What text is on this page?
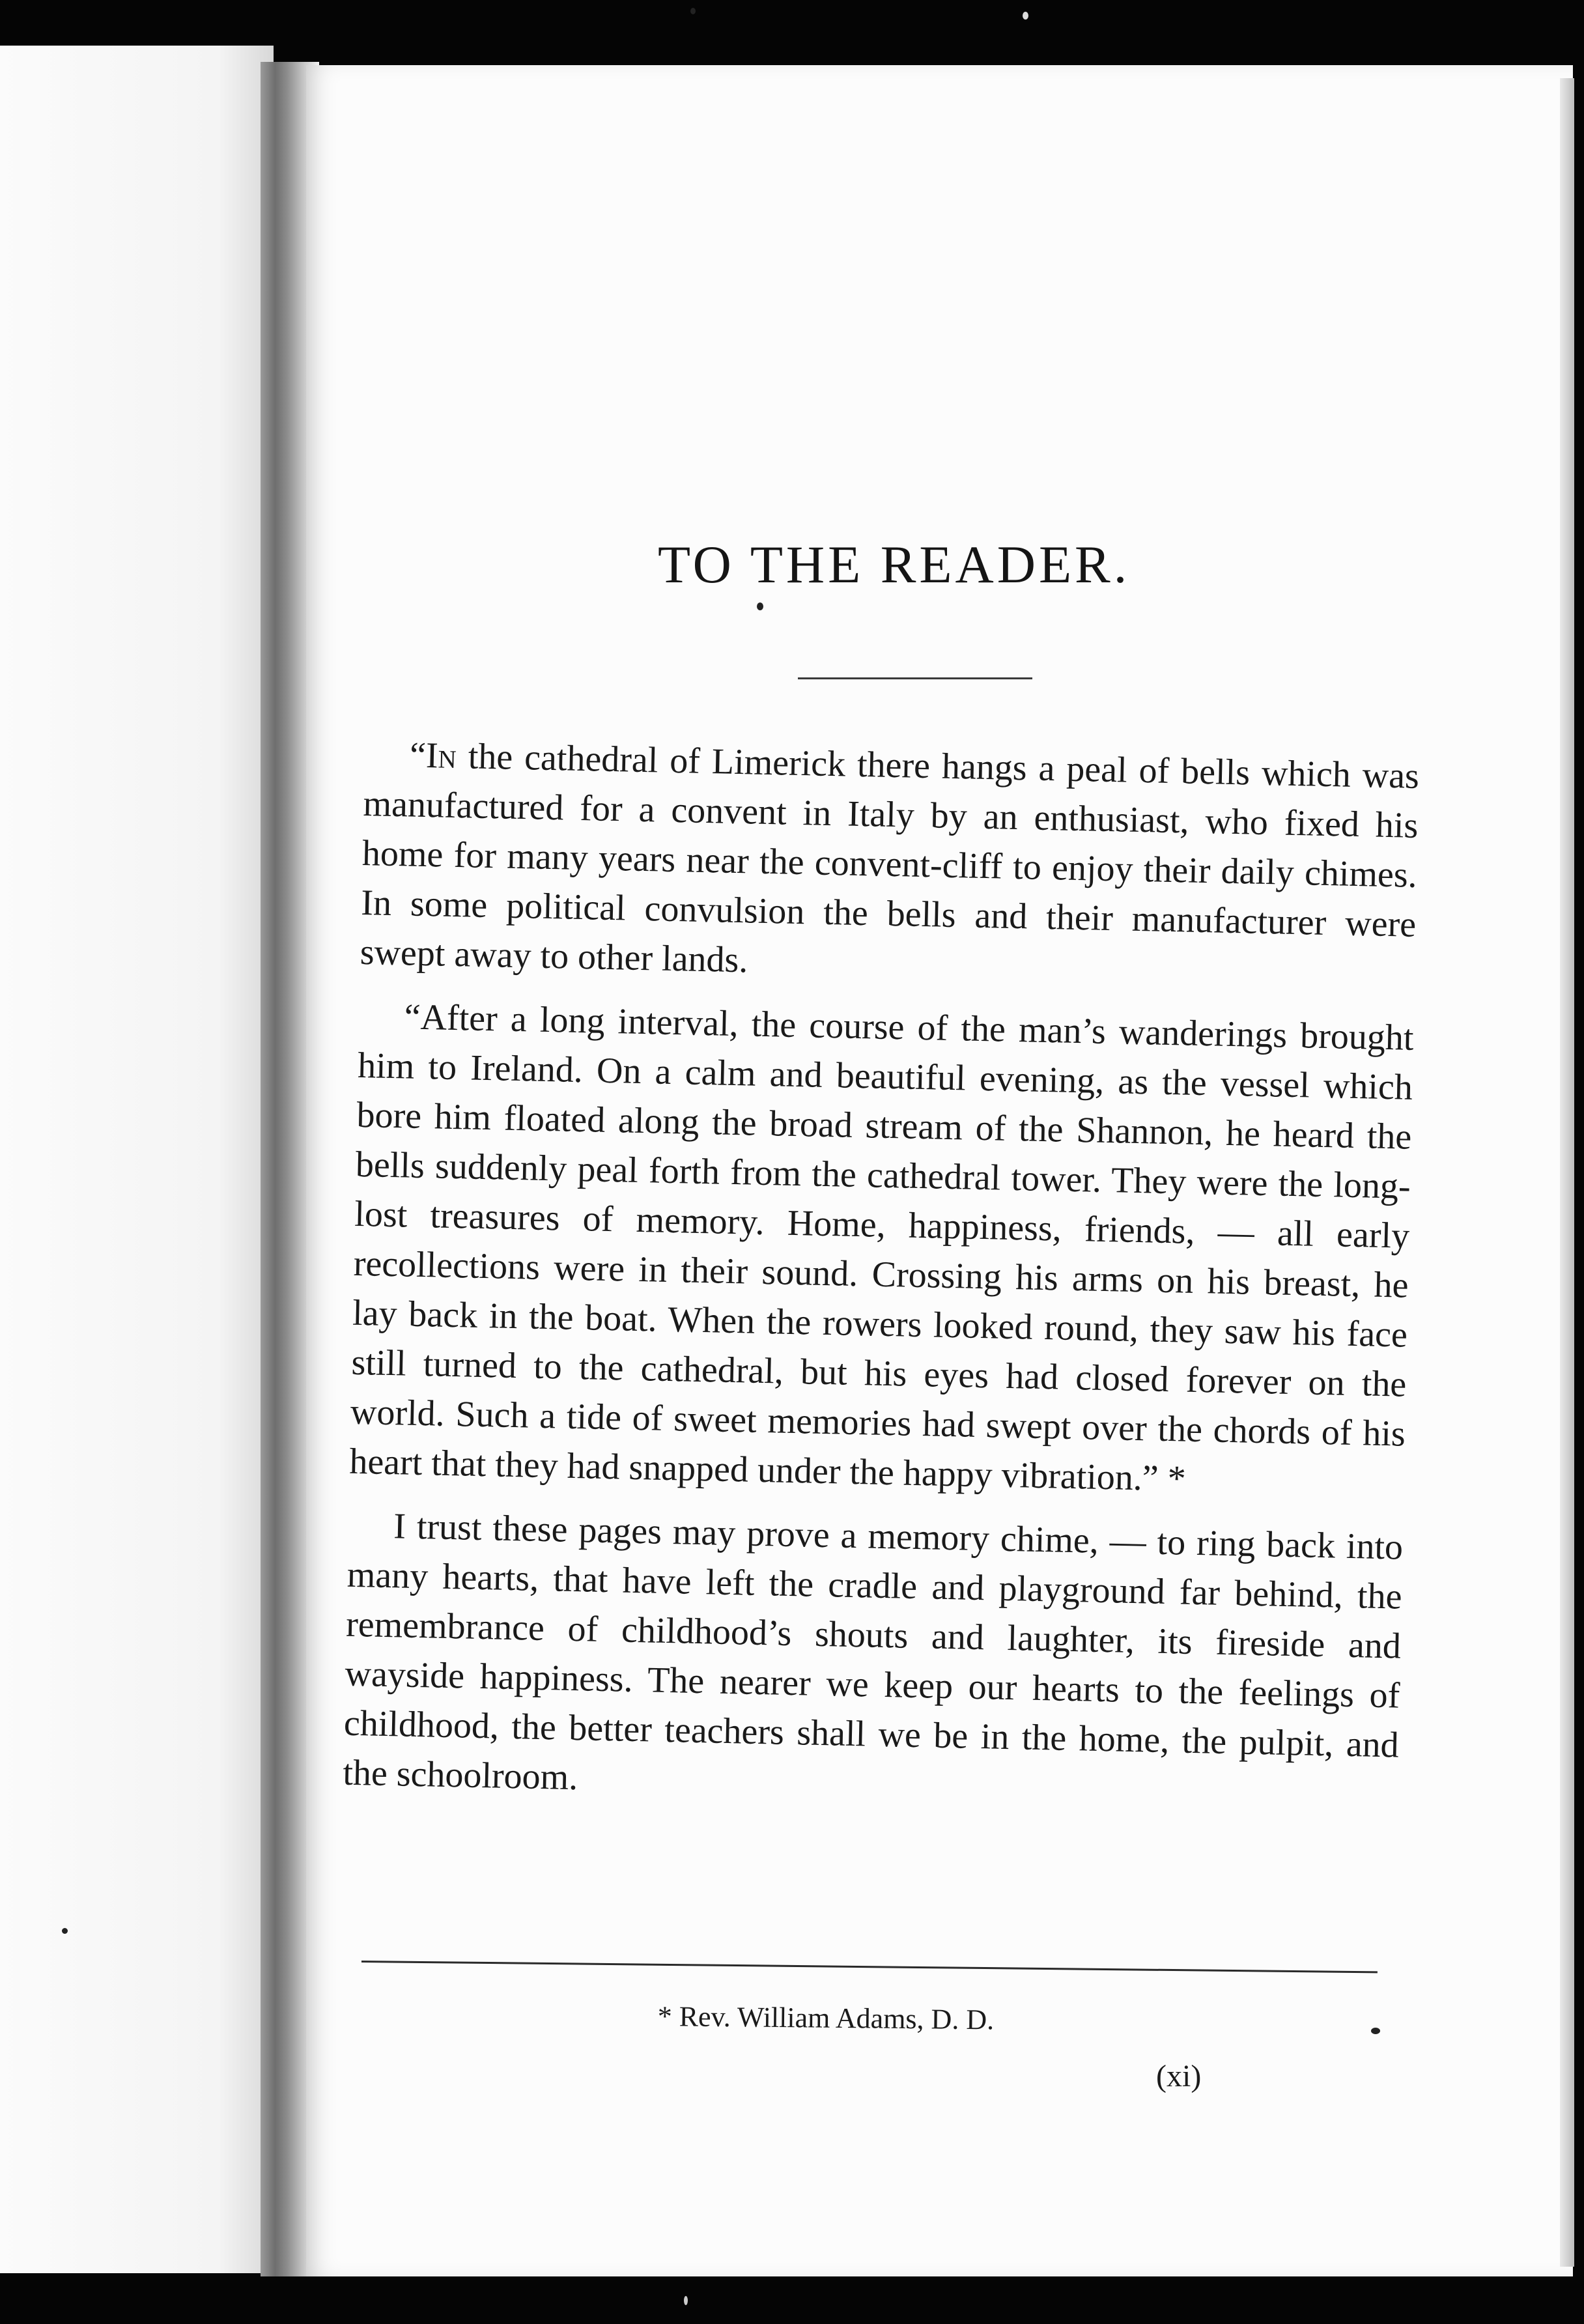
TO THE READER.

“In the cathedral of Limerick there hangs a peal of bells which was manufactured for a convent in Italy by an enthusiast, who fixed his home for many years near the convent-cliff to enjoy their daily chimes. In some political convulsion the bells and their manufacturer were swept away to other lands.

“After a long interval, the course of the man’s wanderings brought him to Ireland. On a calm and beautiful evening, as the vessel which bore him floated along the broad stream of the Shannon, he heard the bells suddenly peal forth from the cathedral tower. They were the long-lost treasures of memory. Home, happiness, friends, — all early recollections were in their sound. Crossing his arms on his breast, he lay back in the boat. When the rowers looked round, they saw his face still turned to the cathedral, but his eyes had closed forever on the world. Such a tide of sweet memories had swept over the chords of his heart that they had snapped under the happy vibration.” *

I trust these pages may prove a memory chime, — to ring back into many hearts, that have left the cradle and playground far behind, the remembrance of childhood’s shouts and laughter, its fireside and wayside happiness. The nearer we keep our hearts to the feelings of childhood, the better teachers shall we be in the home, the pulpit, and the schoolroom.

* Rev. William Adams, D. D.
(xi)
